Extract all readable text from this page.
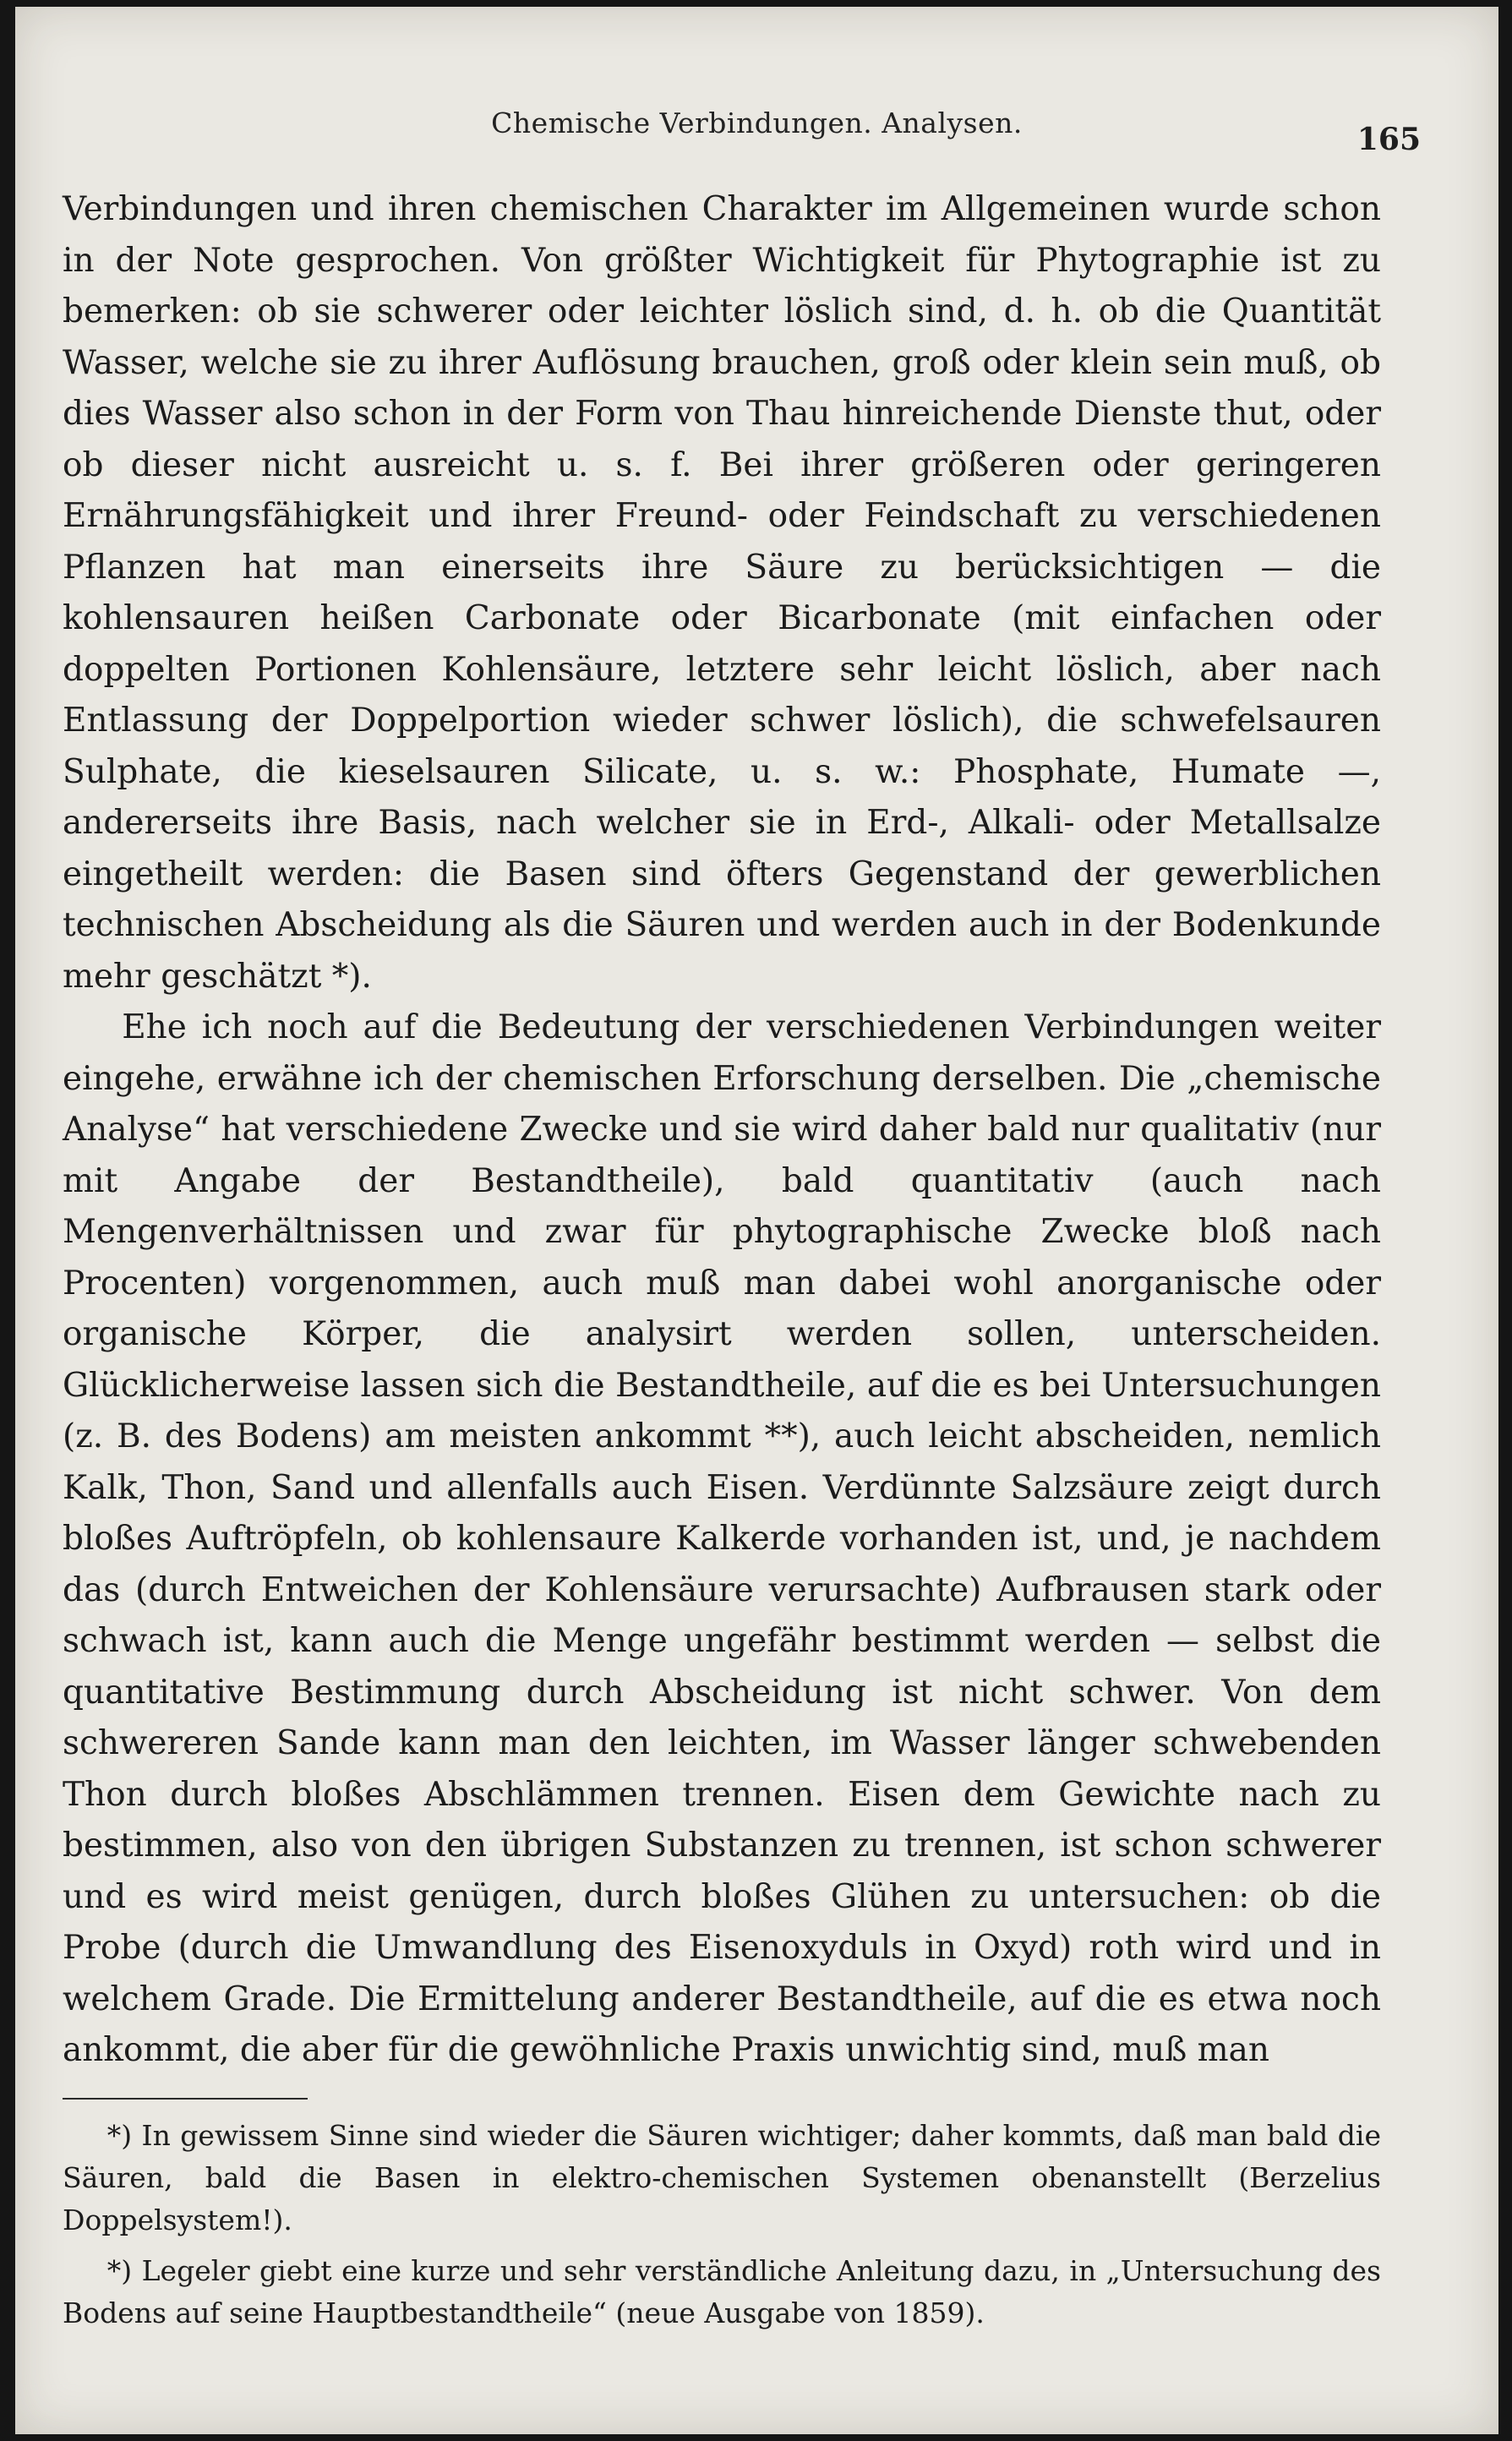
Chemische Verbindungen. Analysen.	165

Verbindungen und ihren chemischen Charakter im Allgemeinen wurde schon in der Note gesprochen. Von größter Wichtigkeit für Phytographie ist zu bemerken: ob sie schwerer oder leichter löslich sind, d. h. ob die Quantität Wasser, welche sie zu ihrer Auflösung brauchen, groß oder klein sein muß, ob dies Wasser also schon in der Form von Thau hinreichende Dienste thut, oder ob dieser nicht ausreicht u. s. f. Bei ihrer größeren oder geringeren Ernährungsfähigkeit und ihrer Freund- oder Feindschaft zu verschiedenen Pflanzen hat man einerseits ihre Säure zu berücksichtigen — die kohlensauren heißen Carbonate oder Bicarbonate (mit einfachen oder doppelten Portionen Kohlensäure, letztere sehr leicht löslich, aber nach Entlassung der Doppelportion wieder schwer löslich), die schwefelsauren Sulphate, die kieselsauren Silicate, u. s. w.: Phosphate, Humate —, andererseits ihre Basis, nach welcher sie in Erd-, Alkali- oder Metallsalze eingetheilt werden: die Basen sind öfters Gegenstand der gewerblichen technischen Abscheidung als die Säuren und werden auch in der Bodenkunde mehr geschätzt *).

Ehe ich noch auf die Bedeutung der verschiedenen Verbindungen weiter eingehe, erwähne ich der chemischen Erforschung derselben. Die „chemische Analyse“ hat verschiedene Zwecke und sie wird daher bald nur qualitativ (nur mit Angabe der Bestandtheile), bald quantitativ (auch nach Mengenverhältnissen und zwar für phytographische Zwecke bloß nach Procenten) vorgenommen, auch muß man dabei wohl anorganische oder organische Körper, die analysirt werden sollen, unterscheiden. Glücklicherweise lassen sich die Bestandtheile, auf die es bei Untersuchungen (z. B. des Bodens) am meisten ankommt **), auch leicht abscheiden, nemlich Kalk, Thon, Sand und allenfalls auch Eisen. Verdünnte Salzsäure zeigt durch bloßes Auftröpfeln, ob kohlensaure Kalkerde vorhanden ist, und, je nachdem das (durch Entweichen der Kohlensäure verursachte) Aufbrausen stark oder schwach ist, kann auch die Menge ungefähr bestimmt werden — selbst die quantitative Bestimmung durch Abscheidung ist nicht schwer. Von dem schwereren Sande kann man den leichten, im Wasser länger schwebenden Thon durch bloßes Abschlämmen trennen. Eisen dem Gewichte nach zu bestimmen, also von den übrigen Substanzen zu trennen, ist schon schwerer und es wird meist genügen, durch bloßes Glühen zu untersuchen: ob die Probe (durch die Umwandlung des Eisenoxyduls in Oxyd) roth wird und in welchem Grade. Die Ermittelung anderer Bestandtheile, auf die es etwa noch ankommt, die aber für die gewöhnliche Praxis unwichtig sind, muß man

*) In gewissem Sinne sind wieder die Säuren wichtiger; daher kommts, daß man bald die Säuren, bald die Basen in elektro-chemischen Systemen obenanstellt (Berzelius Doppelsystem!).

*) Legeler giebt eine kurze und sehr verständliche Anleitung dazu, in „Untersuchung des Bodens auf seine Hauptbestandtheile“ (neue Ausgabe von 1859).
